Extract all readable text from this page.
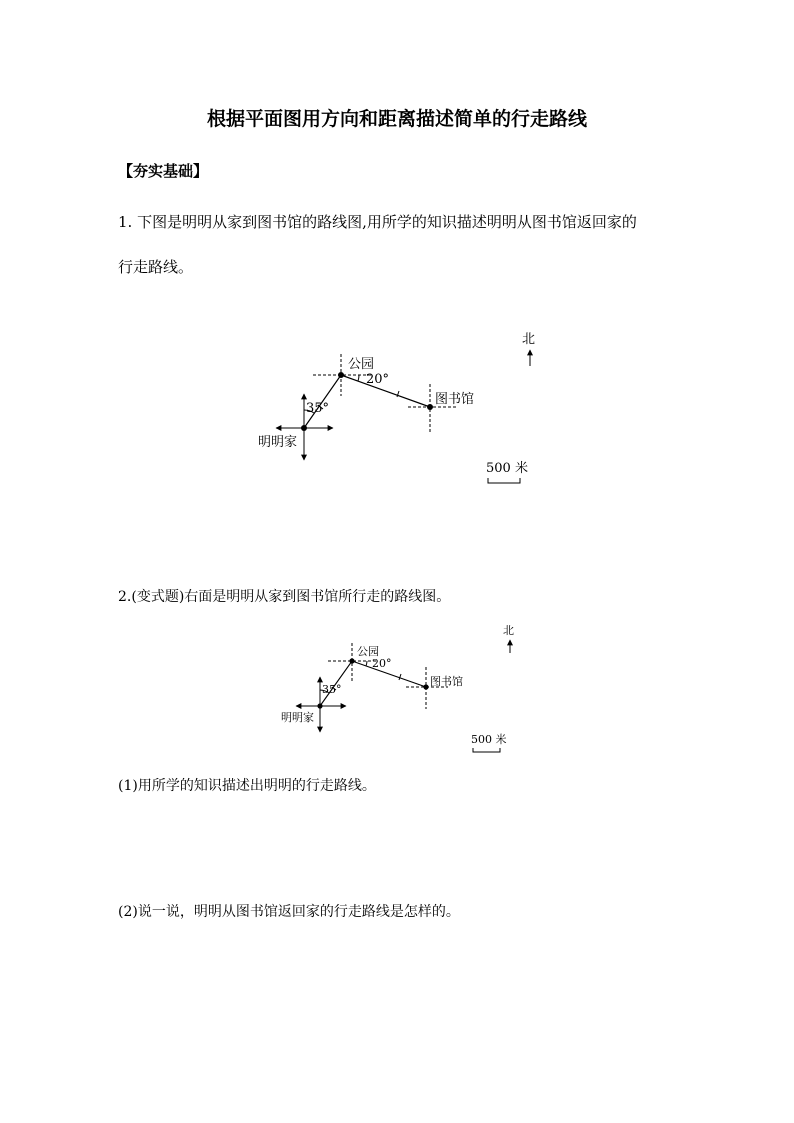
根据平面图用方向和距离描述简单的行走路线
【夯实基础】
1. 下图是明明从家到图书馆的路线图,用所学的知识描述明明从图书馆返回家的
行走路线。
2.(变式题)右面是明明从家到图书馆所行走的路线图。
(1)用所学的知识描述出明明的行走路线。
(2)说一说，明明从图书馆返回家的行走路线是怎样的。
北
公园
20°
图书馆
35°
明明家
500 米
北
公园
20°
图书馆
35°
明明家
500 米
